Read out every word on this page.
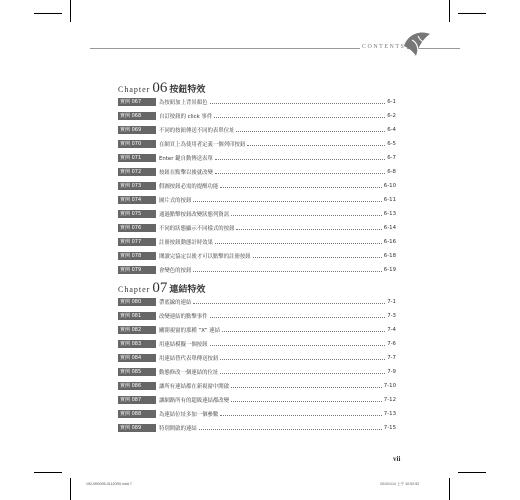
CONTENTS
Chapter 06 按鈕特效
實例 067	為按鈕加上背景顏色	6-1
實例 068	自訂按鈕的 click 事件	6-2
實例 069	不同的按鈕傳送不同的表單位址	6-4
實例 070	在網頁上為使用者定義一個列印按鈕	6-5
實例 071	Enter 鍵自動傳送表單	6-7
實例 072	按鈕在點擊以後就改變	6-8
實例 073	假圖按鈕必需的提醒功能	6-10
實例 074	圖片式的按鈕	6-11
實例 075	通過點擊按鈕改變狀態列資訊	6-13
實例 076	不同的狀態顯示不同樣式的按鈕	6-14
實例 077	註冊按鈕動態計時效果	6-16
實例 078	閱讀完協定以後才可以點擊的註冊按鈕	6-18
實例 079	會變色的按鈕	6-19
Chapter 07 連結特效
實例 080	帶底線的連結	7-1
實例 081	改變連結的點擊事件	7-3
實例 082	關閉視窗的那種 “X” 連結	7-4
實例 083	用連結模擬一個按鈕	7-6
實例 084	用連結替代表單傳送按鈕	7-7
實例 085	動態修改一個連結的位址	7-9
實例 086	讓所有連結都在新視窗中開啟	7-10
實例 087	讓網路所有的超級連結都改變	7-12
實例 088	為連結位址多加一個參數	7-13
實例 089	特別開啟的連結	7-15
vii
192-0B0095-01120R0.indd 7	2010/1/14 上午 10:52:52
